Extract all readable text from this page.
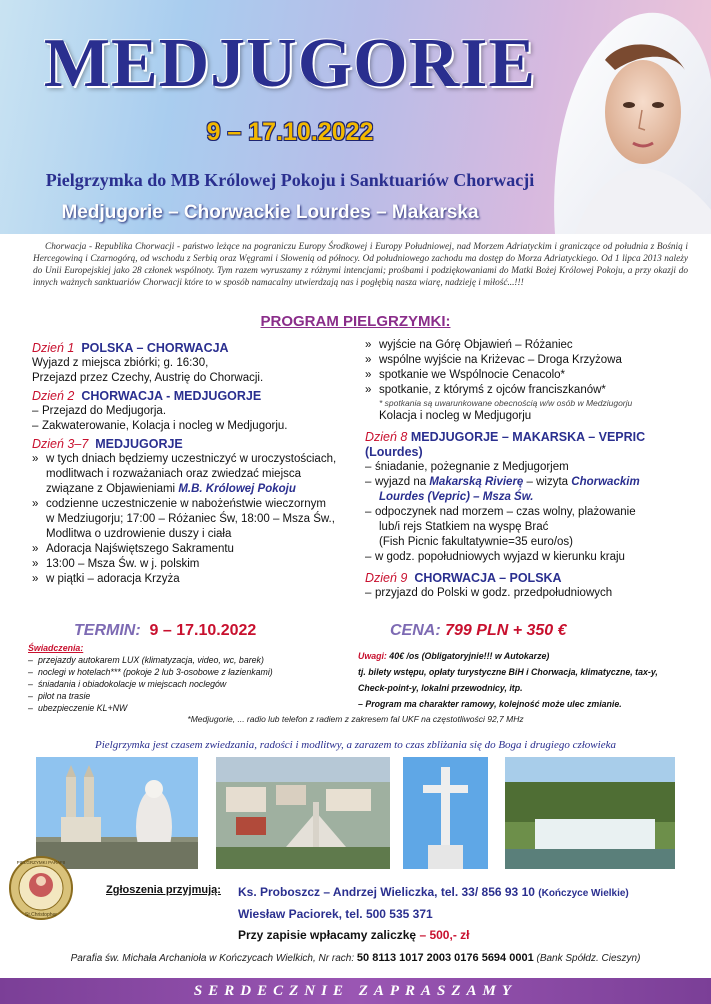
MEDJUGORIE
9 – 17.10.2022
Pielgrzymka do MB Królowej Pokoju i Sanktuariów Chorwacji
Medjugorie – Chorwackie Lourdes – Makarska
Chorwacja - Republika Chorwacji - państwo leżące na pograniczu Europy Środkowej i Europy Południowej, nad Morzem Adriatyckim i graniczące od południa z Bośnią i Hercegowiną i Czarnogórą, od wschodu z Serbią oraz Węgrami i Słowenią od północy. Od południowego zachodu ma dostęp do Morza Adriatyckiego. Od 1 lipca 2013 należy do Unii Europejskiej jako 28 członek wspólnoty. Tym razem wyruszamy z różnymi intencjami; prośbami i podziękowaniami do Matki Bożej Królowej Pokoju, a przy okazji do innych ważnych sanktuariów Chorwacji które to w sposób namacalny utwierdzają nas i pogłębią nasza wiarę, nadzieję i miłość...!!!
PROGRAM PIELGRZYMKI:
Dzień 1 POLSKA – CHORWACJA
Wyjazd z miejsca zbiórki; g. 16:30,
Przejazd przez Czechy, Austrię do Chorwacji.
Dzień 2 CHORWACJA - MEDJUGORJE
– Przejazd do Medjugorja.
– Zakwaterowanie, Kolacja i nocleg w Medjugorju.
Dzień 3–7 MEDJUGORJE
» w tych dniach będziemy uczestniczyć w uroczystościach,
modlitwach i rozważaniach oraz zwiedzać miejsca
związane z Objawieniami M.B. Królowej Pokoju
» codzienne uczestniczenie w nabożeństwie wieczornym
w Medziugorju; 17:00 – Różaniec Św, 18:00 – Msza Św.,
Modlitwa o uzdrowienie duszy i ciała
» Adoracja Najświętszego Sakramentu
» 13:00 – Msza Św. w j. polskim
» w piątki – adoracja Krzyża
» wyjście na Górę Objawień – Różaniec
» wspólne wyjście na Kriżevac – Droga Krzyżowa
» spotkanie we Wspólnocie Cenacolo*
» spotkanie, z którymś z ojców franciszkanów*
* spotkania są uwarunkowane obecnością w/w osób w Medziugorju
Kolacja i nocleg w Medjugorju
Dzień 8 MEDJUGORJE – MAKARSKA – VEPRIC (Lourdes)
– śniadanie, pożegnanie z Medjugorjem
– wyjazd na Makarską Rivierę – wizyta Chorwackim
Lourdes (Vepric) – Msza Św.
– odpoczynek nad morzem – czas wolny, plażowanie
lub/i rejs Statkiem na wyspę Brać
(Fish Picnic fakultatywnie=35 euro/os)
– w godz. popołudniowych wyjazd w kierunku kraju
Dzień 9 CHORWACJA – POLSKA
– przyjazd do Polski w godz. przedpołudniowych
TERMIN: 9 – 17.10.2022	CENA: 799 PLN + 350 €
Świadczenia:
– przejazdy autokarem LUX (klimatyzacja, video, wc, barek)
– noclegi w hotelach*** (pokoje 2 lub 3-osobowe z łazienkami)
– śniadania i obiadokolacje w miejscach noclegów
– pilot na trasie
– ubezpieczenie KL+NW
Uwagi: 40€ /os (Obligatoryjnie!!! w Autokarze)
tj. bilety wstępu, opłaty turystyczne BiH i Chorwacja, klimatyczne, tax-y,
Check-point-y, lokalni przewodnicy, itp.
– Program ma charakter ramowy, kolejność może ulec zmianie.
*Medjugorie, ... radio lub telefon z radiem z zakresem fal UKF na częstotliwości 92,7 MHz
Pielgrzymka jest czasem zwiedzania, radości i modlitwy, a zarazem to czas zbliżania się do Boga i drugiego człowieka
PIELGRZYMKI PARAFII
St.Christopher
Zgłoszenia przyjmują: Ks. Proboszcz – Andrzej Wieliczka, tel. 33/ 856 93 10 (Kończyce Wielkie)
Wiesław Paciorek, tel. 500 535 371
Przy zapisie wpłacamy zaliczkę – 500,- zł
Parafia św. Michała Archanioła w Kończycach Wielkich, Nr rach: 50 8113 1017 2003 0176 5694 0001 (Bank Spółdz. Cieszyn)
SERDECZNIE ZAPRASZAMY
